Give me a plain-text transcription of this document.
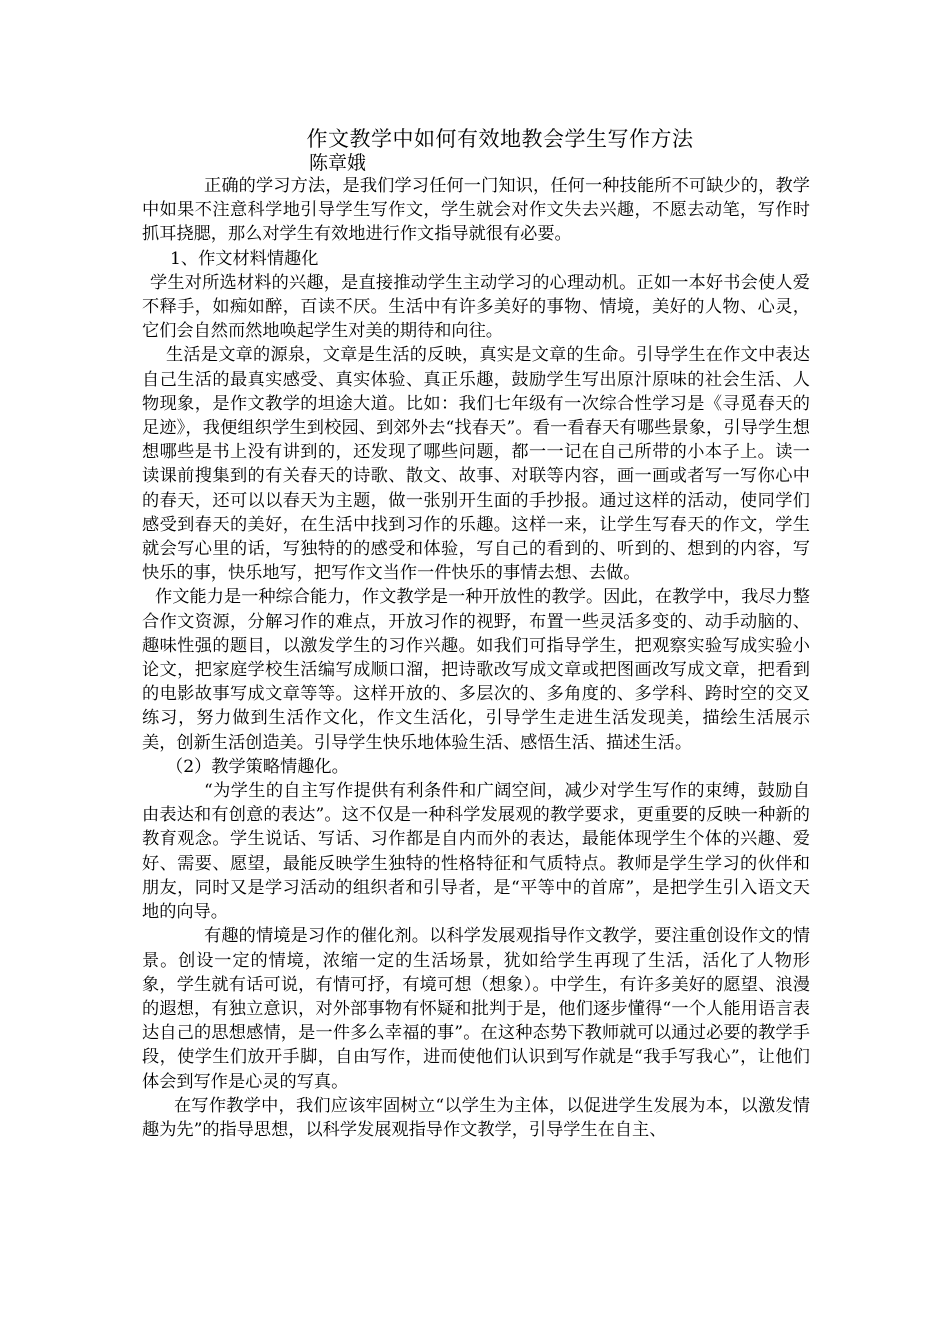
作文教学中如何有效地教会学生写作方法
陈章娥

正确的学习方法，是我们学习任何一门知识，任何一种技能所不可缺少的，教学中如果不注意科学地引导学生写作文，学生就会对作文失去兴趣，不愿去动笔，写作时抓耳挠腮，那么对学生有效地进行作文指导就很有必要。

1、作文材料情趣化

学生对所选材料的兴趣，是直接推动学生主动学习的心理动机。正如一本好书会使人爱不释手，如痴如醉，百读不厌。生活中有许多美好的事物、情境，美好的人物、心灵，它们会自然而然地唤起学生对美的期待和向往。

生活是文章的源泉，文章是生活的反映，真实是文章的生命。引导学生在作文中表达自己生活的最真实感受、真实体验、真正乐趣，鼓励学生写出原汁原味的社会生活、人物现象，是作文教学的坦途大道。比如：我们七年级有一次综合性学习是《寻觅春天的足迹》，我便组织学生到校园、到郊外去“找春天”。看一看春天有哪些景象，引导学生想想哪些是书上没有讲到的，还发现了哪些问题，都一一记在自己所带的小本子上。读一读课前搜集到的有关春天的诗歌、散文、故事、对联等内容，画一画或者写一写你心中的春天，还可以以春天为主题，做一张别开生面的手抄报。通过这样的活动，使同学们感受到春天的美好，在生活中找到习作的乐趣。这样一来，让学生写春天的作文，学生就会写心里的话，写独特的的感受和体验，写自己的看到的、听到的、想到的内容，写快乐的事，快乐地写，把写作文当作一件快乐的事情去想、去做。

作文能力是一种综合能力，作文教学是一种开放性的教学。因此，在教学中，我尽力整合作文资源，分解习作的难点，开放习作的视野，布置一些灵活多变的、动手动脑的、趣味性强的题目，以激发学生的习作兴趣。如我们可指导学生，把观察实验写成实验小论文，把家庭学校生活编写成顺口溜，把诗歌改写成文章或把图画改写成文章，把看到的电影故事写成文章等等。这样开放的、多层次的、多角度的、多学科、跨时空的交叉练习，努力做到生活作文化，作文生活化，引导学生走进生活发现美，描绘生活展示美，创新生活创造美。引导学生快乐地体验生活、感悟生活、描述生活。

（2）教学策略情趣化。

“为学生的自主写作提供有利条件和广阔空间，减少对学生写作的束缚，鼓励自由表达和有创意的表达”。这不仅是一种科学发展观的教学要求，更重要的反映一种新的教育观念。学生说话、写话、习作都是自内而外的表达，最能体现学生个体的兴趣、爱好、需要、愿望，最能反映学生独特的性格特征和气质特点。教师是学生学习的伙伴和朋友，同时又是学习活动的组织者和引导者，是“平等中的首席”，是把学生引入语文天地的向导。

有趣的情境是习作的催化剂。以科学发展观指导作文教学，要注重创设作文的情景。创设一定的情境，浓缩一定的生活场景，犹如给学生再现了生活，活化了人物形象，学生就有话可说，有情可抒，有境可想（想象）。中学生，有许多美好的愿望、浪漫的遐想，有独立意识，对外部事物有怀疑和批判于是，他们逐步懂得“一个人能用语言表达自己的思想感情，是一件多么幸福的事”。在这种态势下教师就可以通过必要的教学手段，使学生们放开手脚，自由写作，进而使他们认识到写作就是“我手写我心”，让他们体会到写作是心灵的写真。

在写作教学中，我们应该牢固树立“以学生为主体，以促进学生发展为本，以激发情趣为先”的指导思想，以科学发展观指导作文教学，引导学生在自主、
